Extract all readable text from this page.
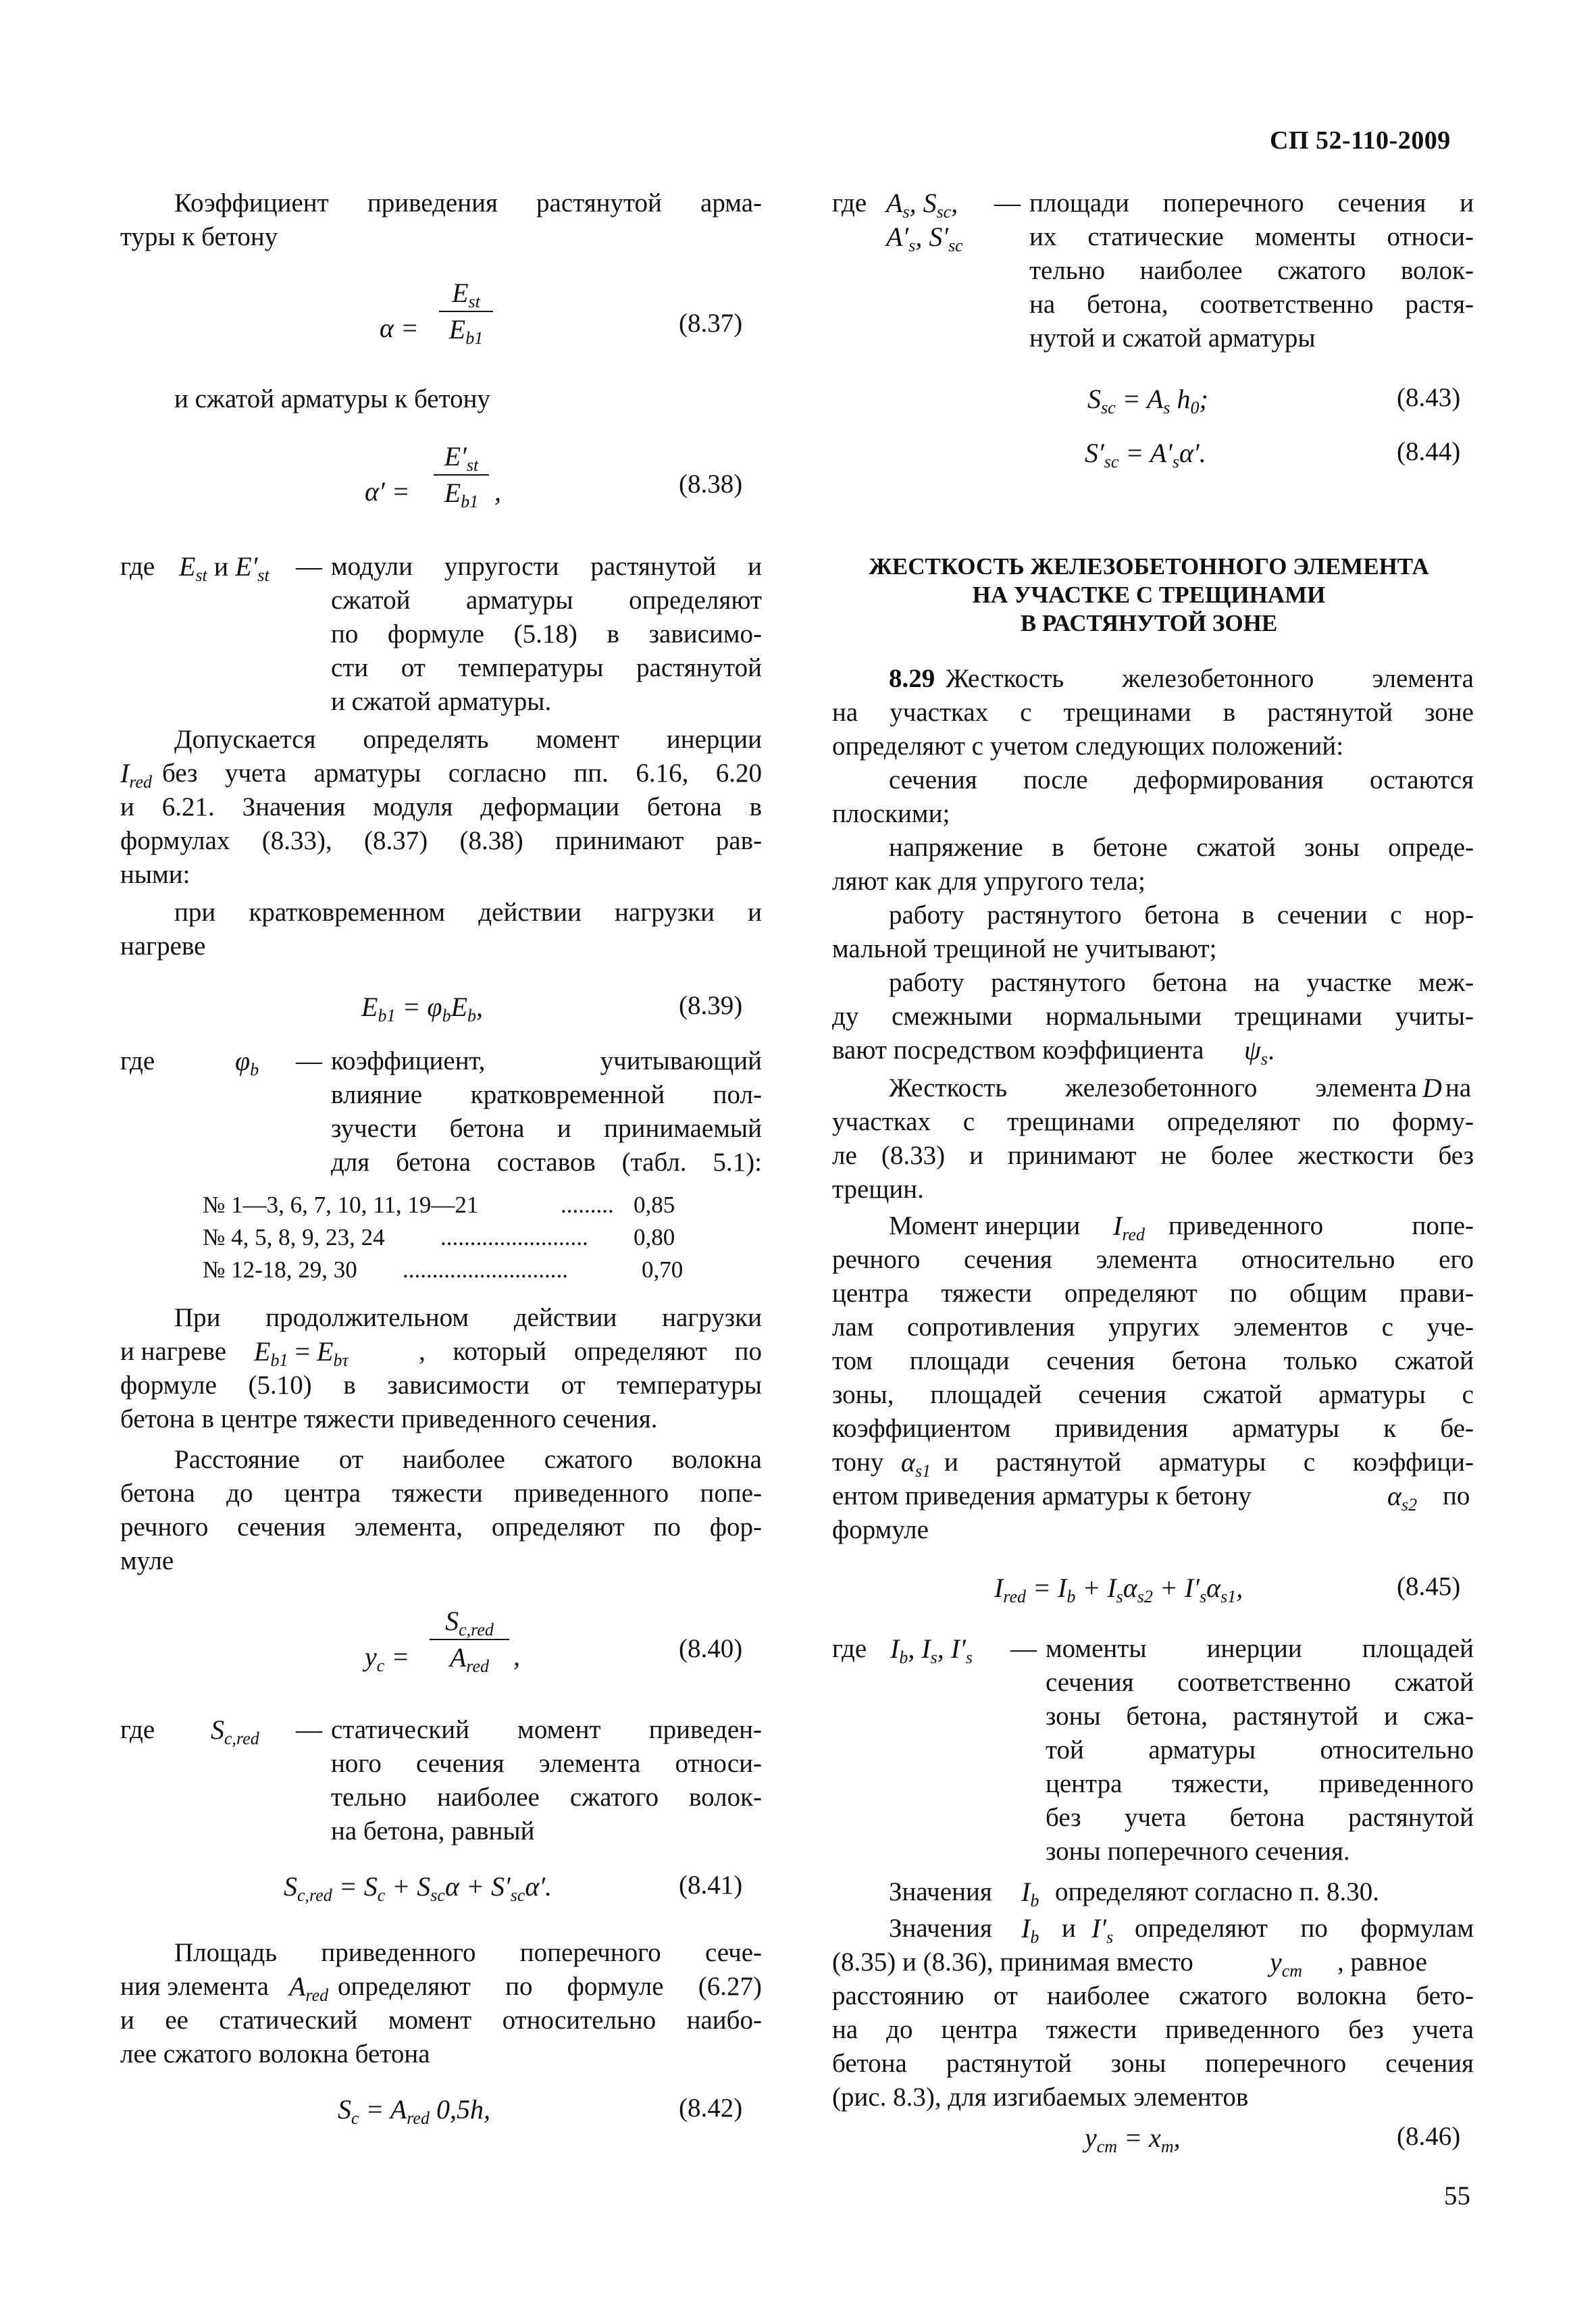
СП 52-110-2009
Коэффициент приведения растянутой арма-
туры к бетону
α =
$E_{st}$
$E_{b1}$
(8.37)
и сжатой арматуры к бетону
α′ =
$E'_{st}$
$E_{b1}$ ,	(8.38)
где $E_{st}$ и $E'_{st}$ — модули упругости растянутой и
сжатой арматуры определяют
по формуле (5.18) в зависимо-
сти от температуры растянутой
и сжатой арматуры.
Допускается определять момент инерции
$I_{red}$ без учета арматуры согласно пп. 6.16, 6.20
и 6.21. Значения модуля деформации бетона в
формулах (8.33), (8.37) (8.38) принимают рав-
ными:
при кратковременном действии нагрузки и
нагреве
$E_{b1} = \varphi_bE_b$,	(8.39)
где	$\varphi_b$ — коэффициент, учитывающий
влияние кратковременной пол-
зучести бетона и принимаемый
для бетона составов (табл. 5.1):
№ 1—3, 6, 7, 10, 11, 19—21	......... 0,85
№ 4, 5, 8, 9, 23, 24 ......................... 0,80
№ 12-18, 29, 30 ............................	0,70
При продолжительном действии нагрузки
и нагреве $E_{b1} = E_{b\tau}$	, который определяют по
формуле (5.10) в зависимости от температуры
бетона в центре тяжести приведенного сечения.
Расстояние от наиболее сжатого волокна
бетона до центра тяжести приведенного попе-
речного сечения элемента, определяют по фор-
муле
$y_c$ =
$S_{c,red}$
$A_{red}$ ,	(8.40)
где $S_{c,red}$ — статический момент приведен-
ного сечения элемента относи-
тельно наиболее сжатого волок-
на бетона, равный
$S_{c,red} = S_c + S_{sc}\alpha + S'_{sc}\alpha'$.	(8.41)
Площадь приведенного поперечного сече-
ния элемента $A_{red}$ определяют по формуле (6.27)
и ее статический момент относительно наибо-
лее сжатого волокна бетона
$S_c = A_{red}$ 0,5h,	(8.42)
где $A_s$, $S_{sc}$,
$A'_s$, $S'_{sc}$
— площади поперечного сечения и
их статические моменты относи-
тельно наиболее сжатого волок-
на бетона, соответственно растя-
нутой и сжатой арматуры
$S_{sc} = A_s$ $h_0$;	(8.43)
$S'_{sc} = A'_s\alpha'$.	(8.44)
ЖЕСТКОСТЬ ЖЕЛЕЗОБЕТОННОГО ЭЛЕМЕНТА
НА УЧАСТКЕ С ТРЕЩИНАМИ
В РАСТЯНУТОЙ ЗОНЕ
8.29 Жесткость железобетонного элемента
на участках с трещинами в растянутой зоне
определяют с учетом следующих положений:
сечения после деформирования остаются
плоскими;
напряжение в бетоне сжатой зоны опреде-
ляют как для упругого тела;
работу растянутого бетона в сечении с нор-
мальной трещиной не учитывают;
работу растянутого бетона на участке меж-
ду смежными нормальными трещинами учиты-
вают посредством коэффициента $\psi_s$.
Жесткость железобетонного элемента D на
участках с трещинами определяют по форму-
ле (8.33) и принимают не более жесткости без
трещин.
Момент инерции $I_{red}$ приведенного попе-
речного сечения элемента относительно его
центра тяжести определяют по общим прави-
лам сопротивления упругих элементов с уче-
том площади сечения бетона только сжатой
зоны, площадей сечения сжатой арматуры с
коэффициентом привидения арматуры к бе-
тону $\alpha_{s1}$ и растянутой арматуры с коэффици-
ентом приведения арматуры к бетону	$\alpha_{s2}$ по
формуле
$I_{red} = I_b + I_s\alpha_{s2} + I'_s\alpha_{s1}$,	(8.45)
где $I_b$, $I_s$, $I'_s$ — моменты инерции площадей
сечения соответственно сжатой
зоны бетона, растянутой и сжа-
той арматуры относительно
центра тяжести, приведенного
без учета бетона растянутой
зоны поперечного сечения.
Значения $I_b$ определяют согласно п. 8.30.
Значения $I_b$ и $I'_s$ определяют по формулам
(8.35) и (8.36), принимая вместо	$y_{cm}$ , равное
расстоянию от наиболее сжатого волокна бето-
на до центра тяжести приведенного без учета
бетона растянутой зоны поперечного сечения
(рис. 8.3), для изгибаемых элементов
$y_{cm} = x_m$,	(8.46)
55
